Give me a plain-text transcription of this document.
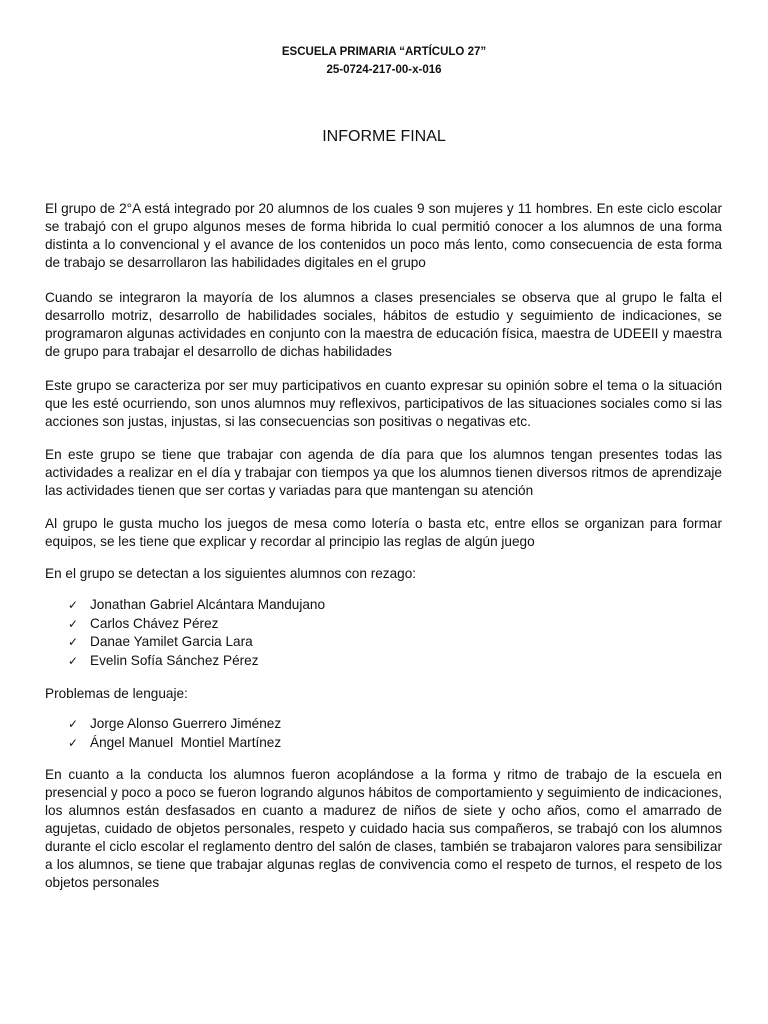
ESCUELA PRIMARIA “ARTÍCULO 27”
25-0724-217-00-x-016
INFORME FINAL

El grupo de 2°A está integrado por 20 alumnos de los cuales 9 son mujeres y 11 hombres. En este ciclo escolar se trabajó con el grupo algunos meses de forma hibrida lo cual permitió conocer a los alumnos de una forma distinta a lo convencional y el avance de los contenidos un poco más lento, como consecuencia de esta forma de trabajo se desarrollaron las habilidades digitales en el grupo

Cuando se integraron la mayoría de los alumnos a clases presenciales se observa que al grupo le falta el desarrollo motriz, desarrollo de habilidades sociales, hábitos de estudio y seguimiento de indicaciones, se programaron algunas actividades en conjunto con la maestra de educación física, maestra de UDEEII y maestra de grupo para trabajar el desarrollo de dichas habilidades

Este grupo se caracteriza por ser muy participativos en cuanto expresar su opinión sobre el tema o la situación que les esté ocurriendo, son unos alumnos muy reflexivos, participativos de las situaciones sociales como si las acciones son justas, injustas, si las consecuencias son positivas o negativas etc.

En este grupo se tiene que trabajar con agenda de día para que los alumnos tengan presentes todas las actividades a realizar en el día y trabajar con tiempos ya que los alumnos tienen diversos ritmos de aprendizaje las actividades tienen que ser cortas y variadas para que mantengan su atención

Al grupo le gusta mucho los juegos de mesa como lotería o basta etc, entre ellos se organizan para formar equipos, se les tiene que explicar y recordar al principio las reglas de algún juego

En el grupo se detectan a los siguientes alumnos con rezago:
✓ Jonathan Gabriel Alcántara Mandujano
✓ Carlos Chávez Pérez
✓ Danae Yamilet Garcia Lara
✓ Evelin Sofía Sánchez Pérez
Problemas de lenguaje:
✓ Jorge Alonso Guerrero Jiménez
✓ Ángel Manuel  Montiel Martínez

En cuanto a la conducta los alumnos fueron acoplándose a la forma y ritmo de trabajo de la escuela en presencial y poco a poco se fueron logrando algunos hábitos de comportamiento y seguimiento de indicaciones, los alumnos están desfasados en cuanto a madurez de niños de siete y ocho años, como el amarrado de agujetas, cuidado de objetos personales, respeto y cuidado hacia sus compañeros, se trabajó con los alumnos durante el ciclo escolar el reglamento dentro del salón de clases, también se trabajaron valores para sensibilizar a los alumnos, se tiene que trabajar algunas reglas de convivencia como el respeto de turnos, el respeto de los objetos personales
